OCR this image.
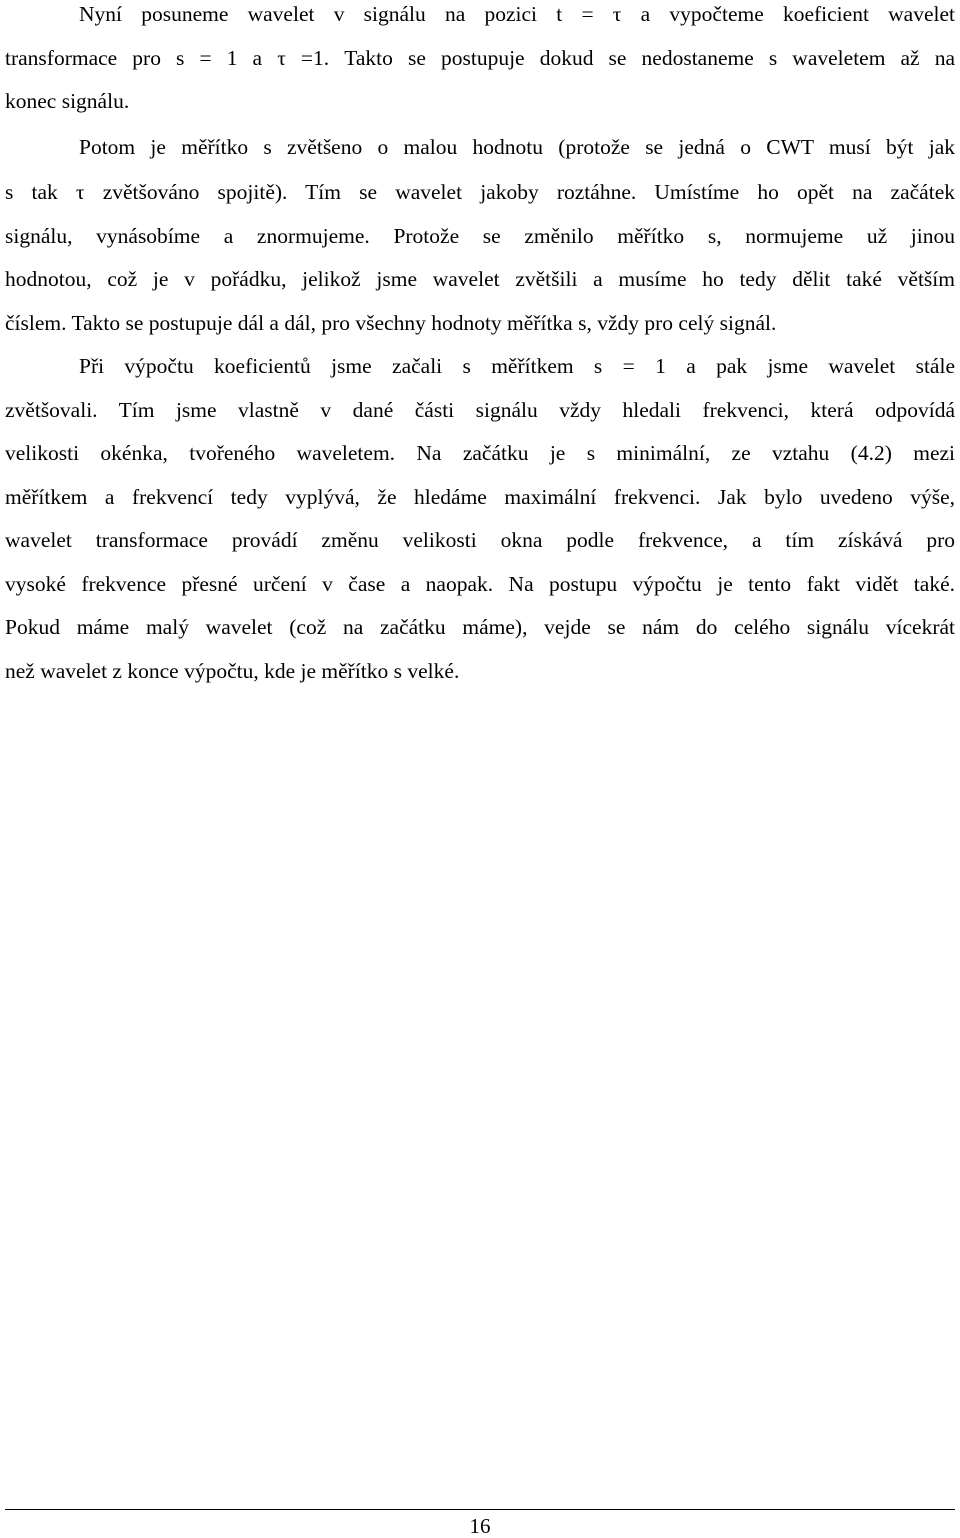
Nyní posuneme wavelet v signálu na pozici t = τ a vypočteme koeficient wavelet
transformace pro s = 1 a τ =1. Takto se postupuje dokud se nedostaneme s waveletem až na
konec signálu.
Potom je měřítko s zvětšeno o malou hodnotu (protože se jedná o CWT musí být jak
s tak τ zvětšováno spojitě). Tím se wavelet jakoby roztáhne. Umístíme ho opět na začátek
signálu, vynásobíme a znormujeme. Protože se změnilo měřítko s, normujeme už jinou
hodnotou, což je v pořádku, jelikož jsme wavelet zvětšili a musíme ho tedy dělit také větším
číslem. Takto se postupuje dál a dál, pro všechny hodnoty měřítka s, vždy pro celý signál.
Při výpočtu koeficientů jsme začali s měřítkem s = 1 a pak jsme wavelet stále
zvětšovali. Tím jsme vlastně v dané části signálu vždy hledali frekvenci, která odpovídá
velikosti okénka, tvořeného waveletem. Na začátku je s minimální, ze vztahu (4.2) mezi
měřítkem a frekvencí tedy vyplývá, že hledáme maximální frekvenci. Jak bylo uvedeno výše,
wavelet transformace provádí změnu velikosti okna podle frekvence, a tím získává pro
vysoké frekvence přesné určení v čase a naopak. Na postupu výpočtu je tento fakt vidět také.
Pokud máme malý wavelet (což na začátku máme), vejde se nám do celého signálu vícekrát
než wavelet z konce výpočtu, kde je měřítko s velké.
16
